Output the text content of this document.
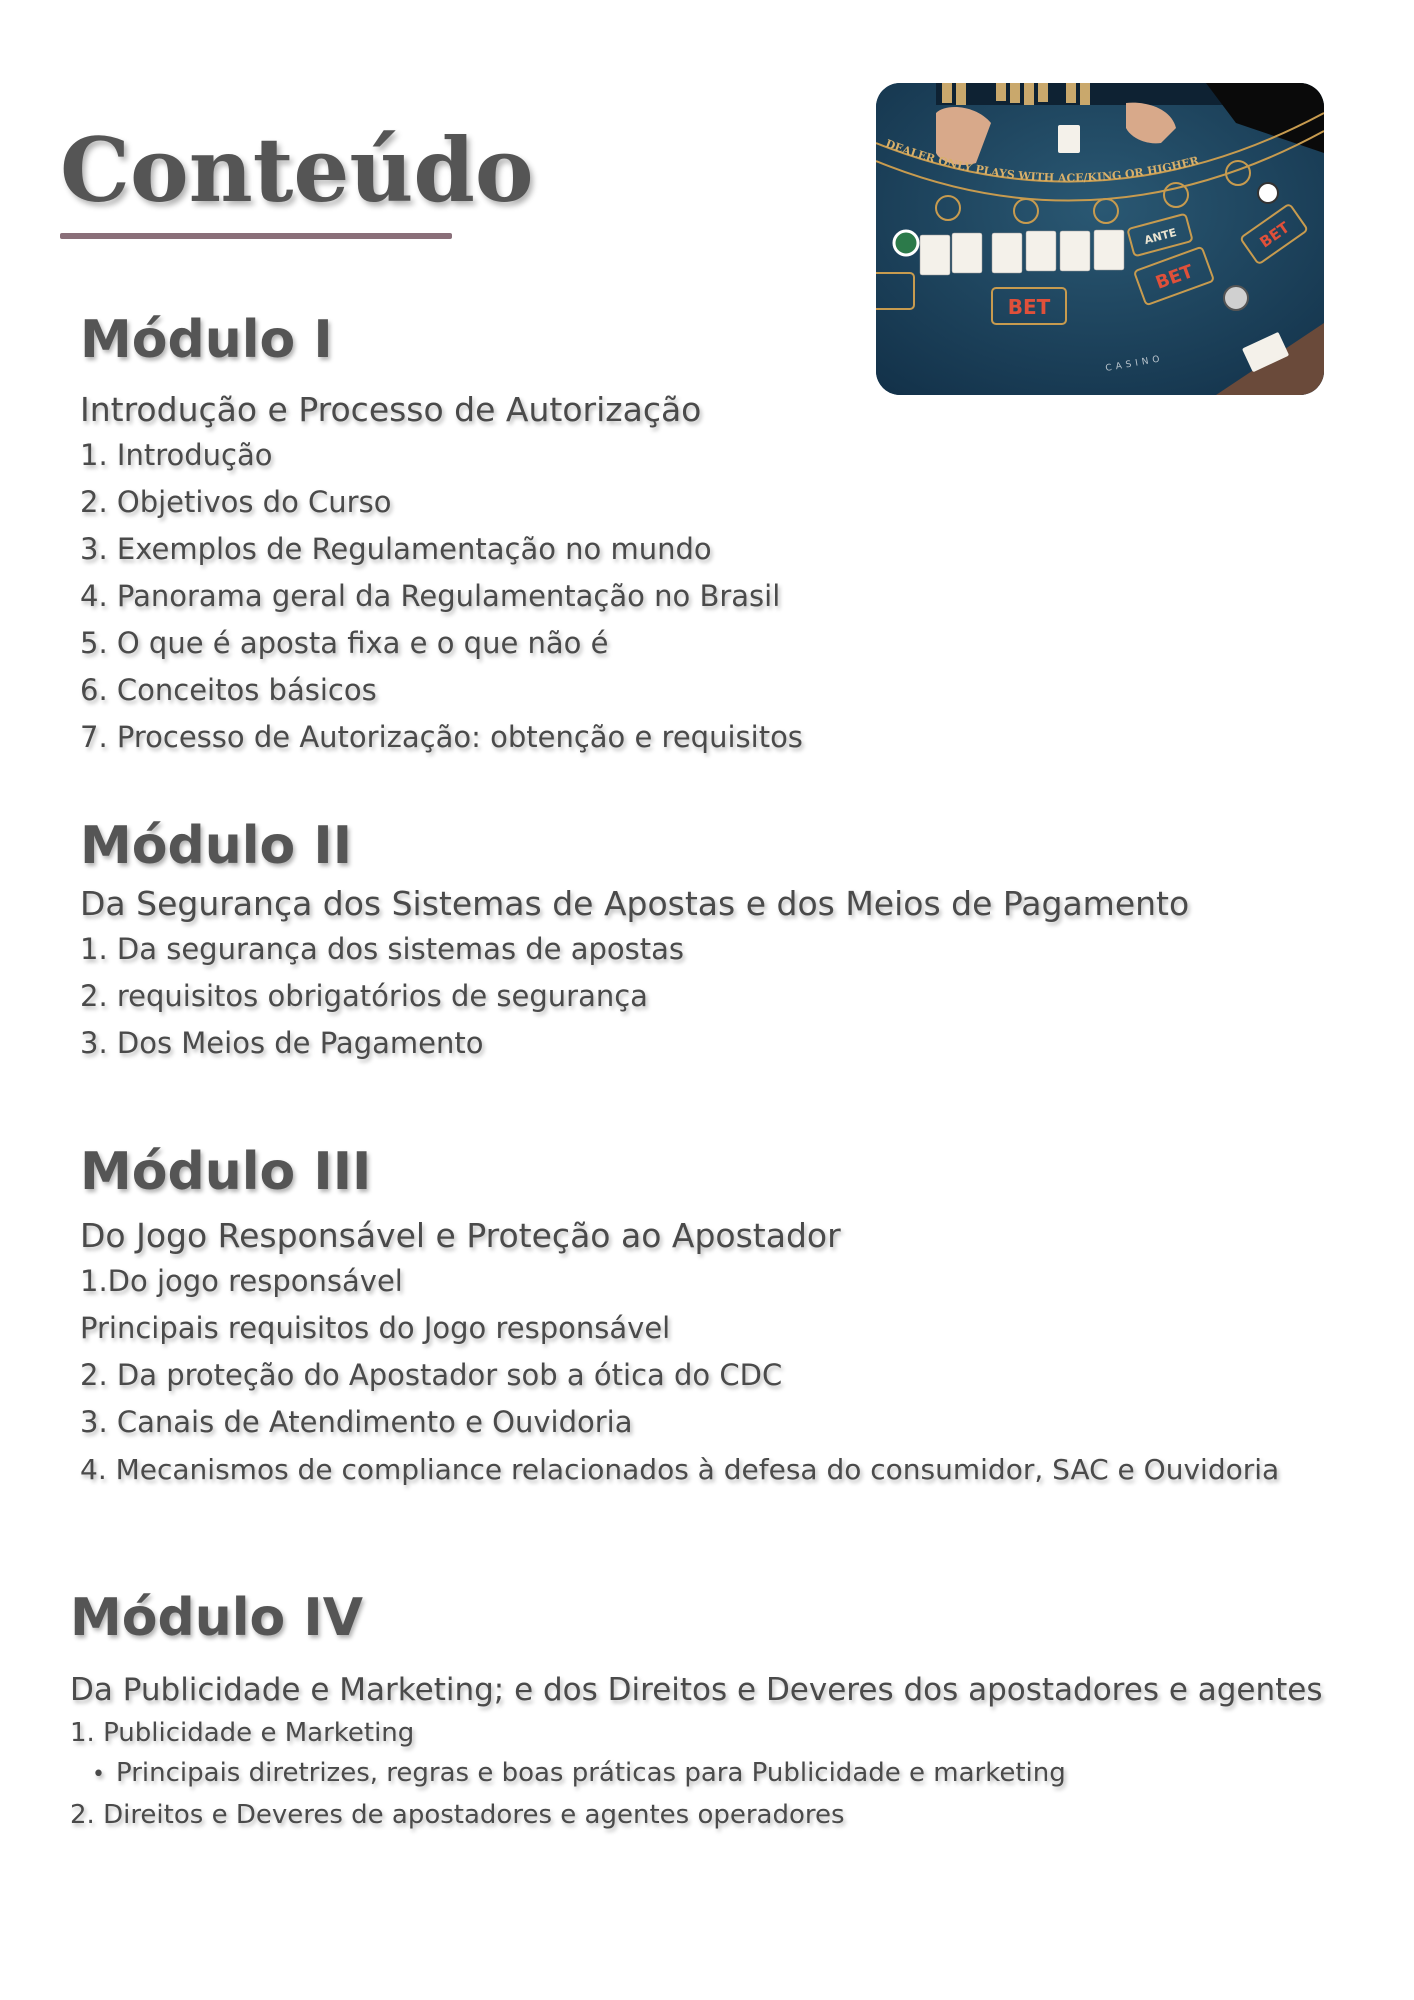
Conteúdo	DEALER ONLY PLAYS WITH ACE/KING OR HIGHER
BET
BET
BET
ANTE
CASINO
Módulo I
Introdução e Processo de Autorização
1. Introdução
2. Objetivos do Curso
3. Exemplos de Regulamentação no mundo
4. Panorama geral da Regulamentação no Brasil
5. O que é aposta fixa e o que não é
6. Conceitos básicos
7. Processo de Autorização: obtenção e requisitos
Módulo II
Da Segurança dos Sistemas de Apostas e dos Meios de Pagamento
1. Da segurança dos sistemas de apostas
2. requisitos obrigatórios de segurança
3. Dos Meios de Pagamento
Módulo III
Do Jogo Responsável e Proteção ao Apostador
1.Do jogo responsável
Principais requisitos do Jogo responsável
2. Da proteção do Apostador sob a ótica do CDC
3. Canais de Atendimento e Ouvidoria
4. Mecanismos de compliance relacionados à defesa do consumidor, SAC e Ouvidoria
Módulo IV
Da Publicidade e Marketing; e dos Direitos e Deveres dos apostadores e agentes
1. Publicidade e Marketing
• Principais diretrizes, regras e boas práticas para Publicidade e marketing
2. Direitos e Deveres de apostadores e agentes operadores
